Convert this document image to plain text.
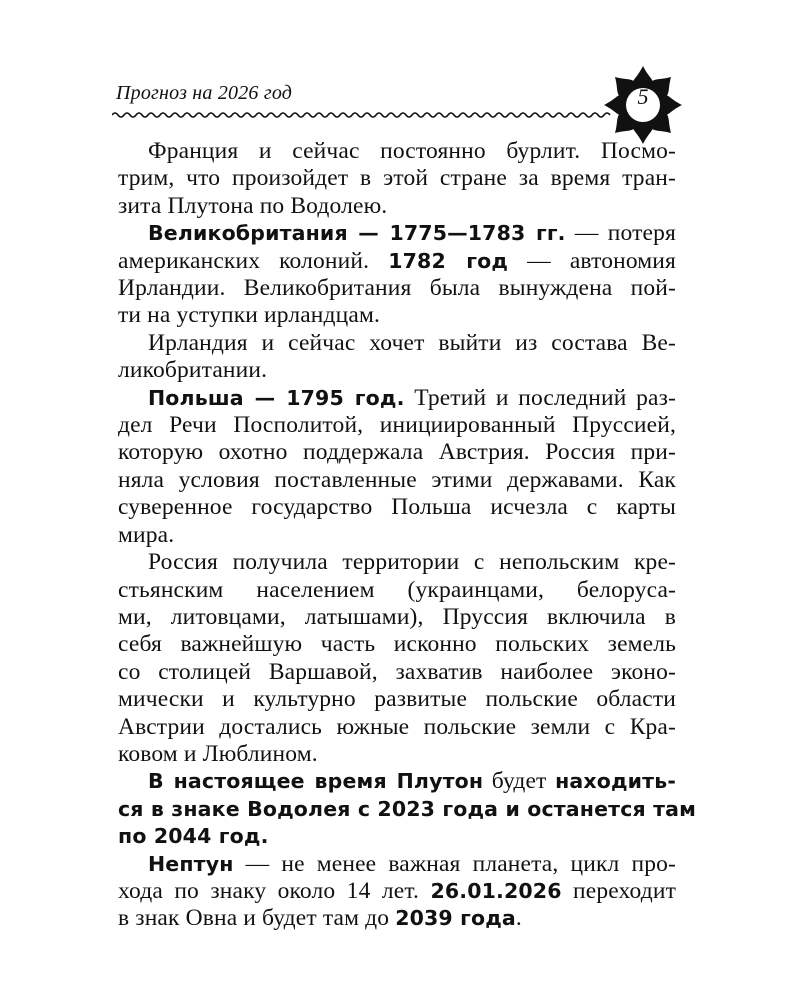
Прогноз на 2026 год	5

Франция и сейчас постоянно бурлит. Посмо-
трим, что произойдет в этой стране за время тран-
зита Плутона по Водолею.

Великобритания — 1775—1783 гг. — потеря
американских колоний. 1782 год — автономия
Ирландии. Великобритания была вынуждена пой-
ти на уступки ирландцам.

Ирландия и сейчас хочет выйти из состава Ве-
ликобритании.

Польша — 1795 год. Третий и последний раз-
дел Речи Посполитой, инициированный Пруссией,
которую охотно поддержала Австрия. Россия при-
няла условия поставленные этими державами. Как
суверенное государство Польша исчезла с карты
мира.

Россия получила территории с непольским кре-
стьянским населением (украинцами, белоруса-
ми, литовцами, латышами), Пруссия включила в
себя важнейшую часть исконно польских земель
со столицей Варшавой, захватив наиболее эконо-
мически и культурно развитые польские области
Австрии достались южные польские земли с Кра-
ковом и Люблином.

В настоящее время Плутон будет находить-
ся в знаке Водолея с 2023 года и останется там
по 2044 год.

Нептун — не менее важная планета, цикл про-
хода по знаку около 14 лет. 26.01.2026 переходит
в знак Овна и будет там до 2039 года.
